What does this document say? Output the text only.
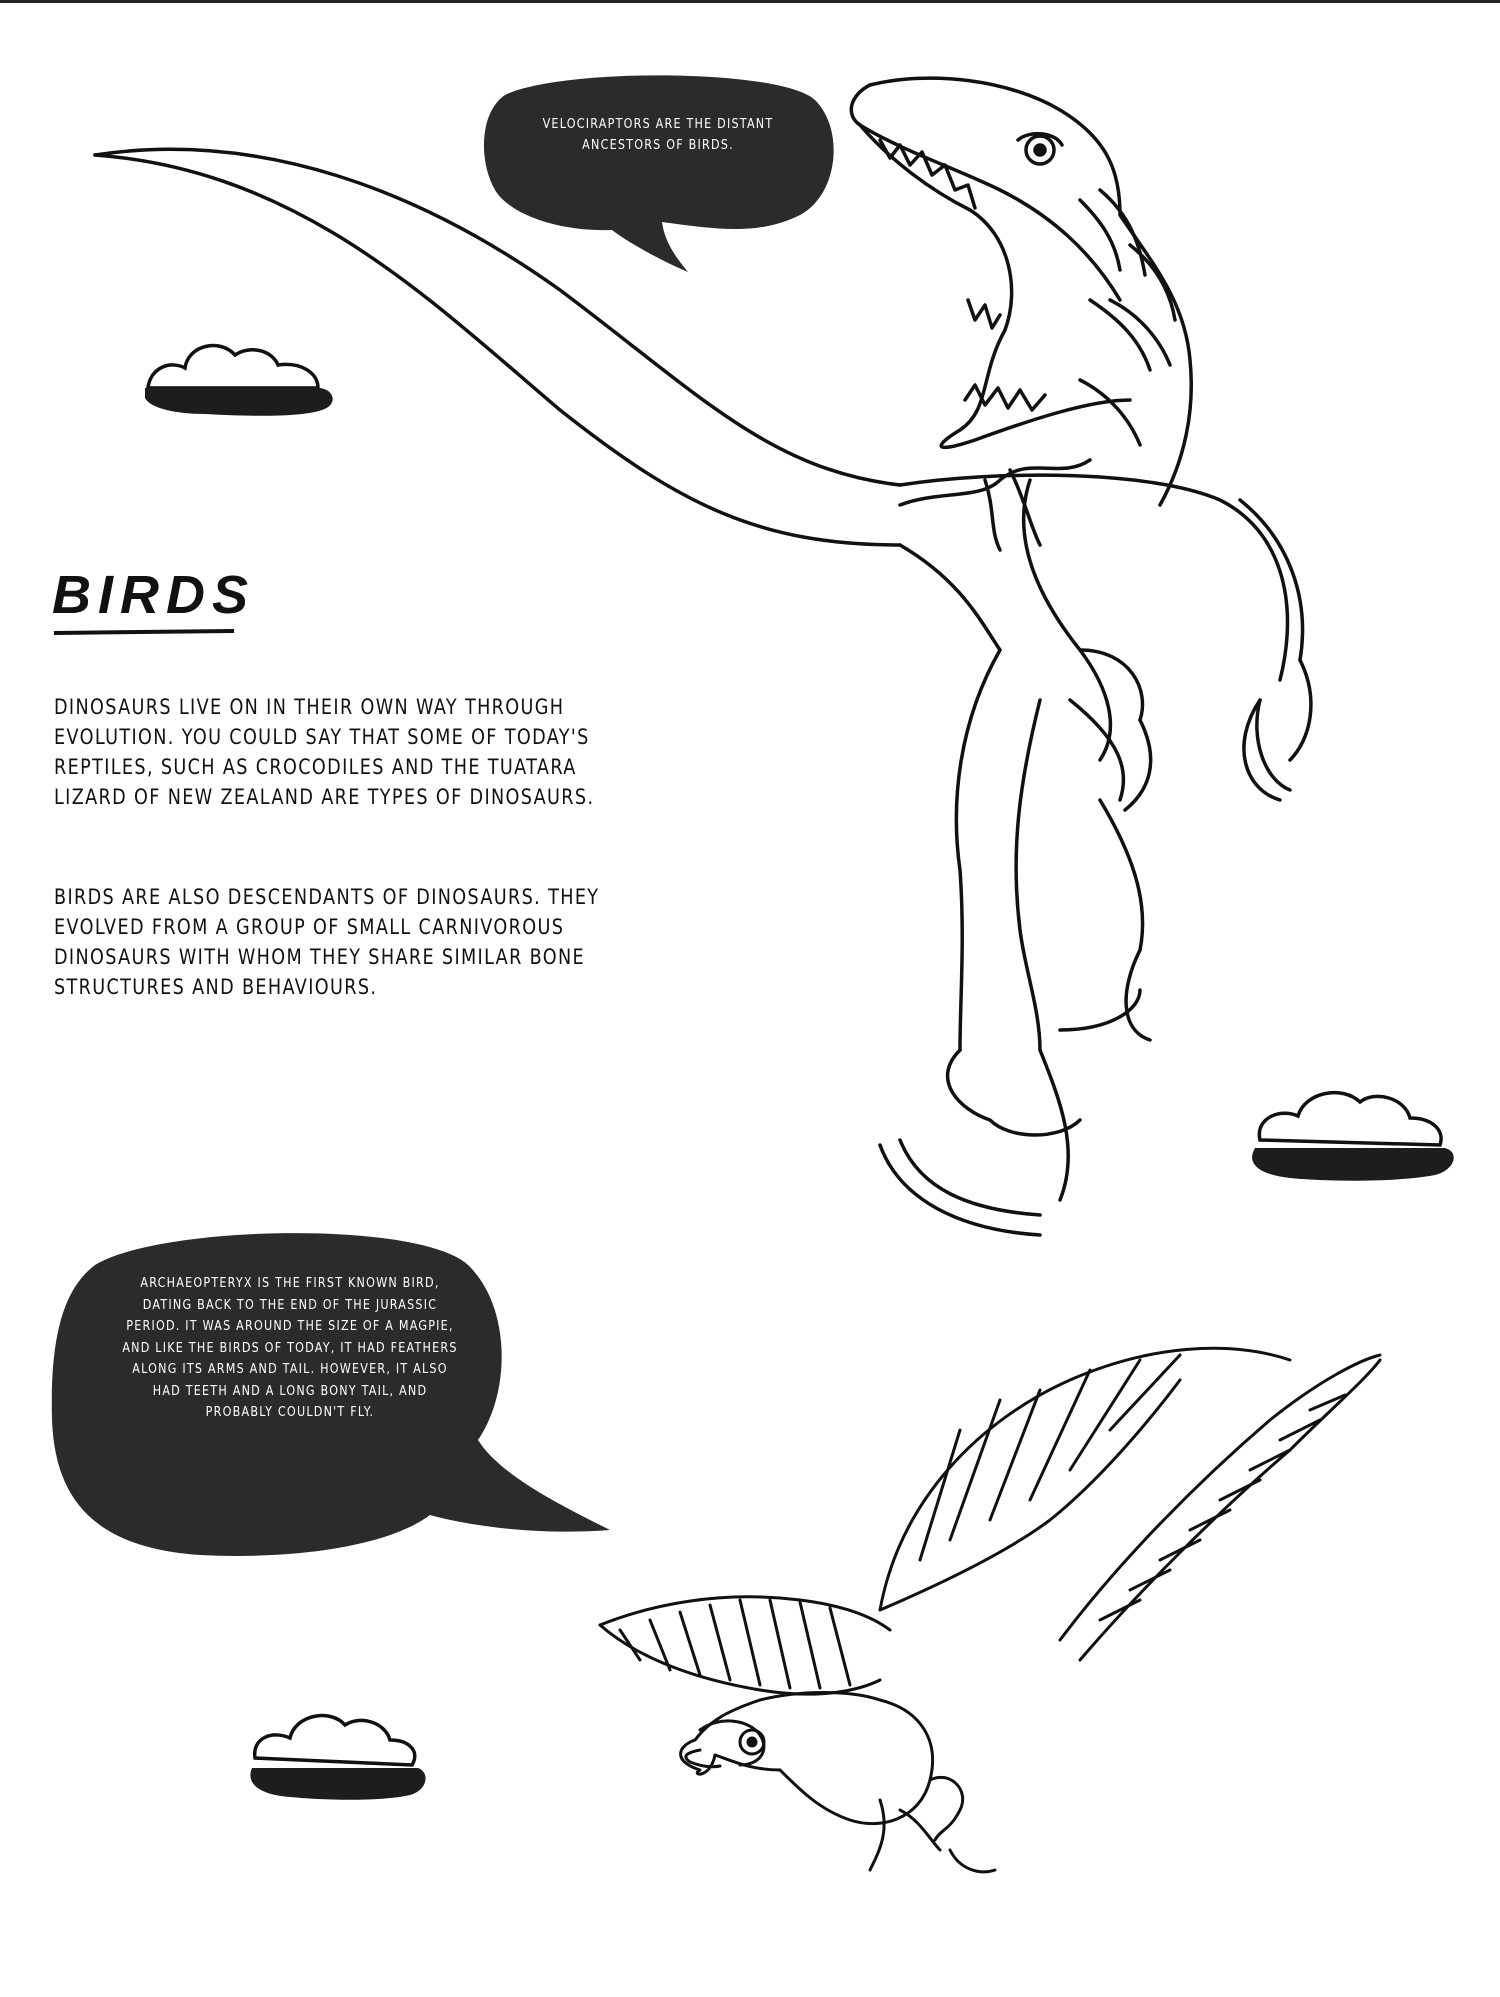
BIRDS

DINOSAURS LIVE ON IN THEIR OWN WAY THROUGH EVOLUTION. YOU COULD SAY THAT SOME OF TODAY'S REPTILES, SUCH AS CROCODILES AND THE TUATARA LIZARD OF NEW ZEALAND ARE TYPES OF DINOSAURS.

BIRDS ARE ALSO DESCENDANTS OF DINOSAURS. THEY EVOLVED FROM A GROUP OF SMALL CARNIVOROUS DINOSAURS WITH WHOM THEY SHARE SIMILAR BONE STRUCTURES AND BEHAVIOURS.

VELOCIRAPTORS ARE THE DISTANT ANCESTORS OF BIRDS.

ARCHAEOPTERYX IS THE FIRST KNOWN BIRD, DATING BACK TO THE END OF THE JURASSIC PERIOD. IT WAS AROUND THE SIZE OF A MAGPIE, AND LIKE THE BIRDS OF TODAY, IT HAD FEATHERS ALONG ITS ARMS AND TAIL. HOWEVER, IT ALSO HAD TEETH AND A LONG BONY TAIL, AND PROBABLY COULDN'T FLY.
